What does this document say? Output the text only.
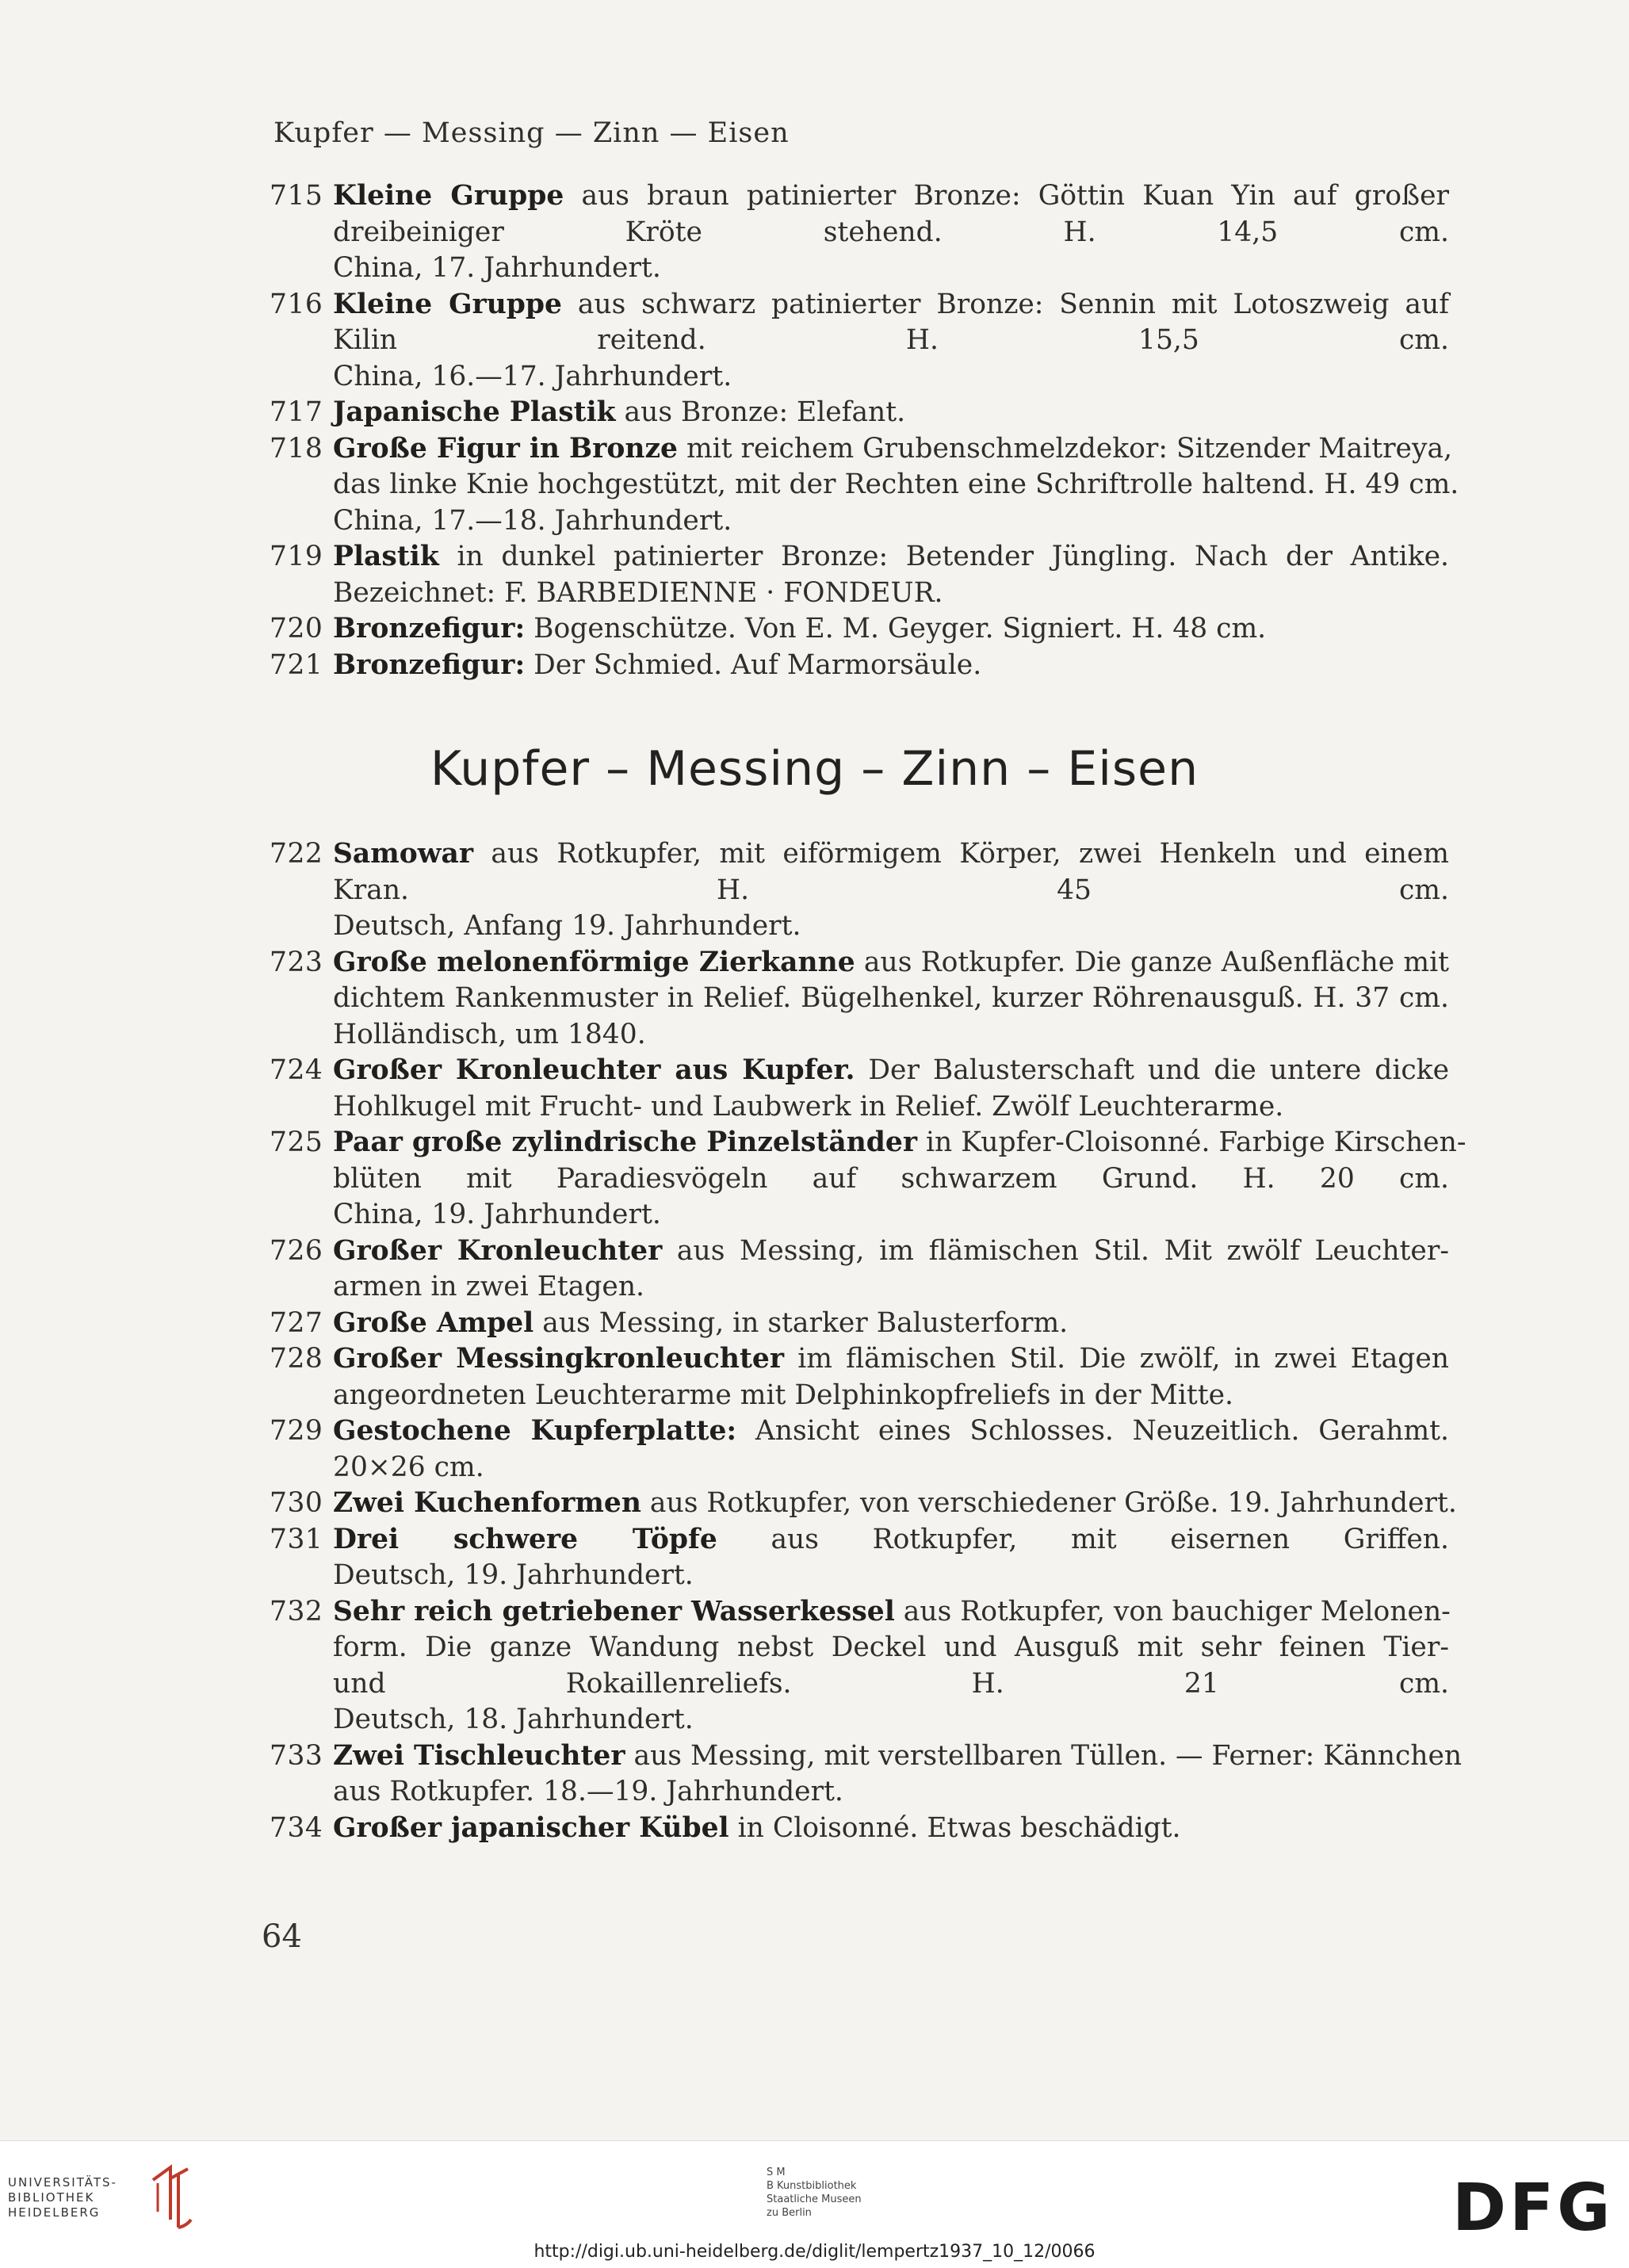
Kupfer — Messing — Zinn — Eisen
715 Kleine Gruppe aus braun patinierter Bronze: Göttin Kuan Yin auf großer
dreibeiniger Kröte stehend. H. 14,5 cm.
China, 17. Jahrhundert.
716 Kleine Gruppe aus schwarz patinierter Bronze: Sennin mit Lotoszweig auf
Kilin reitend. H. 15,5 cm.
China, 16.—17. Jahrhundert.
717 Japanische Plastik aus Bronze: Elefant.
718 Große Figur in Bronze mit reichem Grubenschmelzdekor: Sitzender Maitreya,
das linke Knie hochgestützt, mit der Rechten eine Schriftrolle haltend. H. 49 cm.
China, 17.—18. Jahrhundert.
719 Plastik in dunkel patinierter Bronze: Betender Jüngling. Nach der Antike.
Bezeichnet: F. BARBEDIENNE · FONDEUR.
720 Bronzefigur: Bogenschütze. Von E. M. Geyger. Signiert. H. 48 cm.
721 Bronzefigur: Der Schmied. Auf Marmorsäule.
Kupfer – Messing – Zinn – Eisen
722 Samowar aus Rotkupfer, mit eiförmigem Körper, zwei Henkeln und einem
Kran. H. 45 cm.
Deutsch, Anfang 19. Jahrhundert.
723 Große melonenförmige Zierkanne aus Rotkupfer. Die ganze Außenfläche mit
dichtem Rankenmuster in Relief. Bügelhenkel, kurzer Röhrenausguß. H. 37 cm.
Holländisch, um 1840.
724 Großer Kronleuchter aus Kupfer. Der Balusterschaft und die untere dicke
Hohlkugel mit Frucht- und Laubwerk in Relief. Zwölf Leuchterarme.
725 Paar große zylindrische Pinzelständer in Kupfer-Cloisonné. Farbige Kirschen-
blüten mit Paradiesvögeln auf schwarzem Grund. H. 20 cm.
China, 19. Jahrhundert.
726 Großer Kronleuchter aus Messing, im flämischen Stil. Mit zwölf Leuchter-
armen in zwei Etagen.
727 Große Ampel aus Messing, in starker Balusterform.
728 Großer Messingkronleuchter im flämischen Stil. Die zwölf, in zwei Etagen
angeordneten Leuchterarme mit Delphinkopfreliefs in der Mitte.
729 Gestochene Kupferplatte: Ansicht eines Schlosses. Neuzeitlich. Gerahmt.
20×26 cm.
730 Zwei Kuchenformen aus Rotkupfer, von verschiedener Größe. 19. Jahrhundert.
731 Drei schwere Töpfe aus Rotkupfer, mit eisernen Griffen.
Deutsch, 19. Jahrhundert.
732 Sehr reich getriebener Wasserkessel aus Rotkupfer, von bauchiger Melonen-
form. Die ganze Wandung nebst Deckel und Ausguß mit sehr feinen Tier-
und Rokaillenreliefs. H. 21 cm.
Deutsch, 18. Jahrhundert.
733 Zwei Tischleuchter aus Messing, mit verstellbaren Tüllen. — Ferner: Kännchen
aus Rotkupfer. 18.—19. Jahrhundert.
734 Großer japanischer Kübel in Cloisonné. Etwas beschädigt.
64
UNIVERSITÄTS-
BIBLIOTHEK
HEIDELBERG
S M
B Kunstbibliothek
Staatliche Museen
zu Berlin	DFG
http://digi.ub.uni-heidelberg.de/diglit/lempertz1937_10_12/0066
